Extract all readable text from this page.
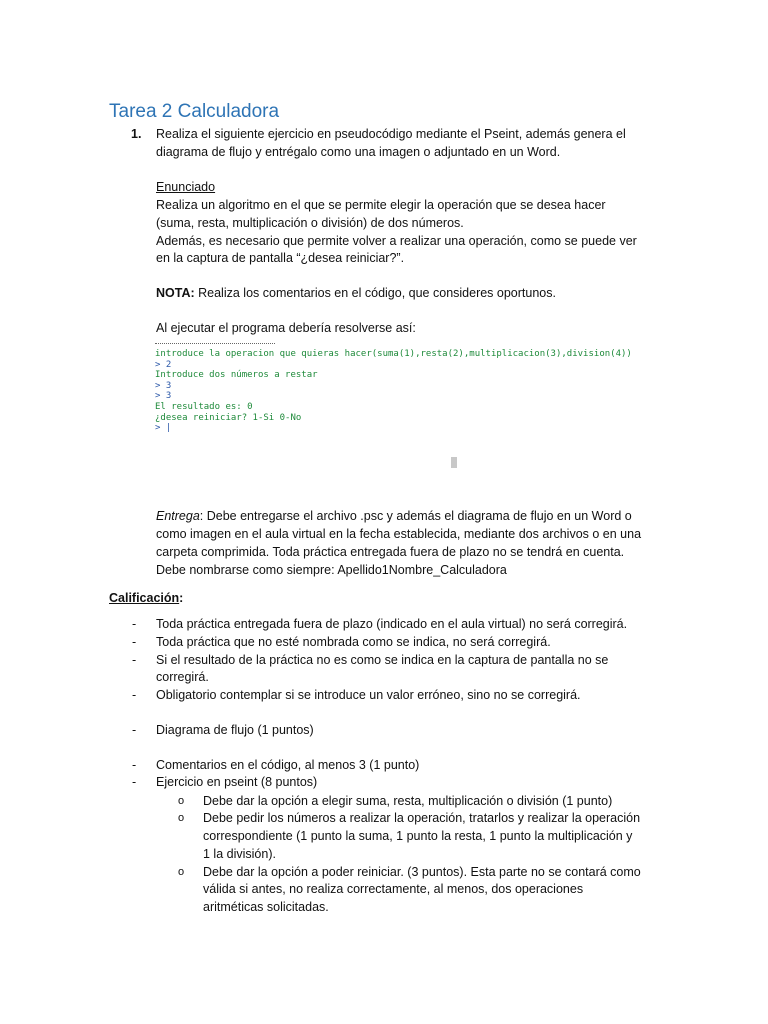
Tarea 2 Calculadora
1. Realiza el siguiente ejercicio en pseudocódigo mediante el Pseint, además genera el
diagrama de flujo y entrégalo como una imagen o adjuntado en un Word.
Enunciado
Realiza un algoritmo en el que se permite elegir la operación que se desea hacer
(suma, resta, multiplicación o división) de dos números.
Además, es necesario que permite volver a realizar una operación, como se puede ver
en la captura de pantalla “¿desea reiniciar?”.
NOTA: Realiza los comentarios en el código, que consideres oportunos.
Al ejecutar el programa debería resolverse así:
introduce la operacion que quieras hacer(suma(1),resta(2),multiplicacion(3),division(4))
> 2
Introduce dos números a restar
> 3
> 3
El resultado es: 0
¿desea reiniciar? 1-Si 0-No
> |
Entrega: Debe entregarse el archivo .psc y además el diagrama de flujo en un Word o
como imagen en el aula virtual en la fecha establecida, mediante dos archivos o en una
carpeta comprimida. Toda práctica entregada fuera de plazo no se tendrá en cuenta.
Debe nombrarse como siempre: Apellido1Nombre_Calculadora
Calificación:
- Toda práctica entregada fuera de plazo (indicado en el aula virtual) no será corregirá.
- Toda práctica que no esté nombrada como se indica, no será corregirá.
- Si el resultado de la práctica no es como se indica en la captura de pantalla no se
corregirá.
- Obligatorio contemplar si se introduce un valor erróneo, sino no se corregirá.
- Diagrama de flujo (1 puntos)
- Comentarios en el código, al menos 3 (1 punto)
- Ejercicio en pseint (8 puntos)
o Debe dar la opción a elegir suma, resta, multiplicación o división (1 punto)
o Debe pedir los números a realizar la operación, tratarlos y realizar la operación
correspondiente (1 punto la suma, 1 punto la resta, 1 punto la multiplicación y
1 la división).
o Debe dar la opción a poder reiniciar. (3 puntos). Esta parte no se contará como
válida si antes, no realiza correctamente, al menos, dos operaciones
aritméticas solicitadas.
